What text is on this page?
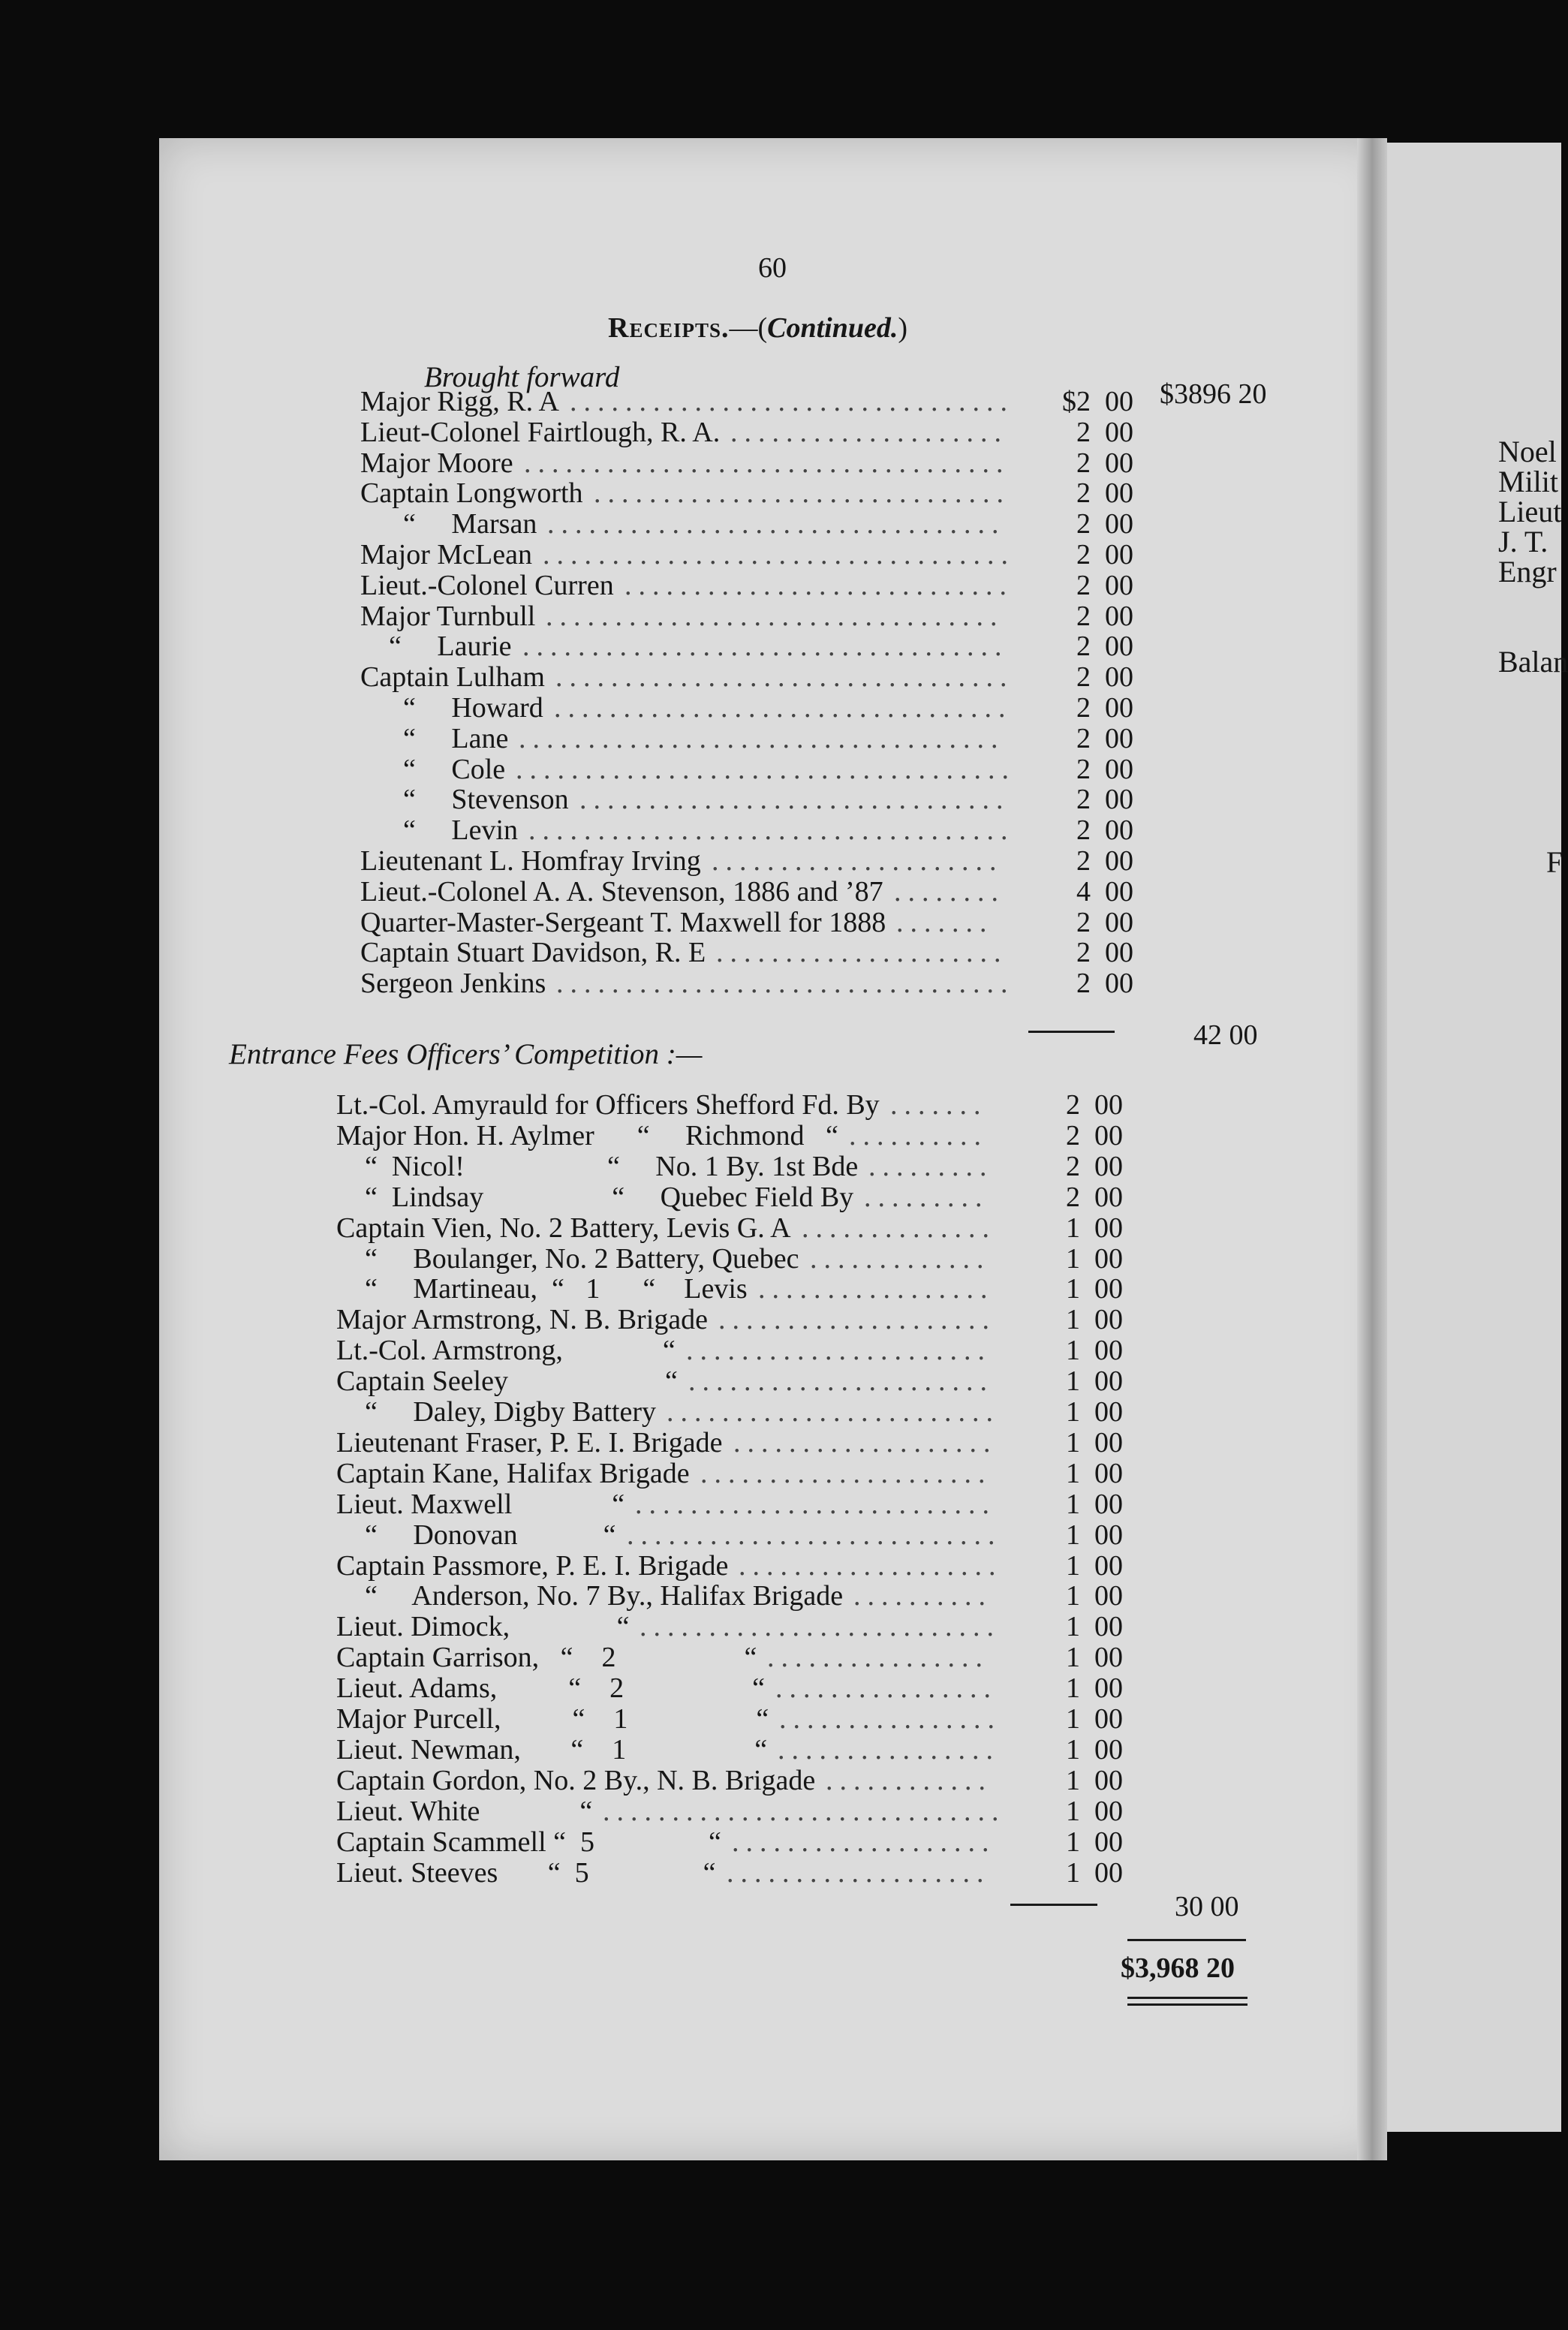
Noel
Milit
Lieut
J. T.
Engr
Balan
F
60
Receipts.—(Continued.)
Brought forward
$3896 20
Major Rigg, R. A ................................ $2  00
Lieut-Colonel Fairtlough, R. A. .................... 2  00
Major Moore ................................... 2  00
Captain Longworth .............................. 2  00
“     Marsan ................................. 2  00
Major McLean .................................. 2  00
Lieut.-Colonel Curren ............................ 2  00
Major Turnbull .................................	2  00
“     Laurie ................................... 2  00
Captain Lulham ................................. 2  00
“     Howard ................................. 2  00
“     Lane ...................................	2  00
“     Cole .................................... 2  00
“     Stevenson ............................... 2  00
“     Levin ................................... 2  00
Lieutenant L. Homfray Irving .....................	2  00
Lieut.-Colonel A. A. Stevenson, 1886 and ’87 ........	4  00
Quarter-Master-Sergeant T. Maxwell for 1888 .......	2  00
Captain Stuart Davidson, R. E ..................... 2  00
Sergeon Jenkins ................................. 2  00
42 00
Entrance Fees Officers’ Competition :—
Lt.-Col. Amyrauld for Officers Shefford Fd. By .......	2  00
Major Hon. H. Aylmer      “     Richmond   “ ..........	2  00
“  Nicol!                    “     No. 1 By. 1st Bde .........	2  00
“  Lindsay                  “     Quebec Field By .........	2  00
Captain Vien, No. 2 Battery, Levis G. A .............. 1  00
“     Boulanger, No. 2 Battery, Quebec .............	1  00
“     Martineau,  “   1      “    Levis .................	1  00
Major Armstrong, N. B. Brigade .................... 1  00
Lt.-Col. Armstrong,              “ ......................	1  00
Captain Seeley                      “ ......................	1  00
“     Daley, Digby Battery ........................ 1  00
Lieutenant Fraser, P. E. I. Brigade ................... 1  00
Captain Kane, Halifax Brigade .....................	1  00
Lieut. Maxwell              “ .......................... 1  00
“     Donovan            “ ........................... 1  00
Captain Passmore, P. E. I. Brigade ................... 1  00
“     Anderson, No. 7 By., Halifax Brigade ..........	1  00
Lieut. Dimock,               “ .......................... 1  00
Captain Garrison,   “    2                  “ ................	1  00
Lieut. Adams,          “    2                  “ ................ 1  00
Major Purcell,          “    1                  “ ................ 1  00
Lieut. Newman,       “    1                  “ ................ 1  00
Captain Gordon, No. 2 By., N. B. Brigade ............	1  00
Lieut. White              “ ............................. 1  00
Captain Scammell “  5                “ ................... 1  00
Lieut. Steeves       “  5                “ ...................	1  00
30 00
$3,968 20
